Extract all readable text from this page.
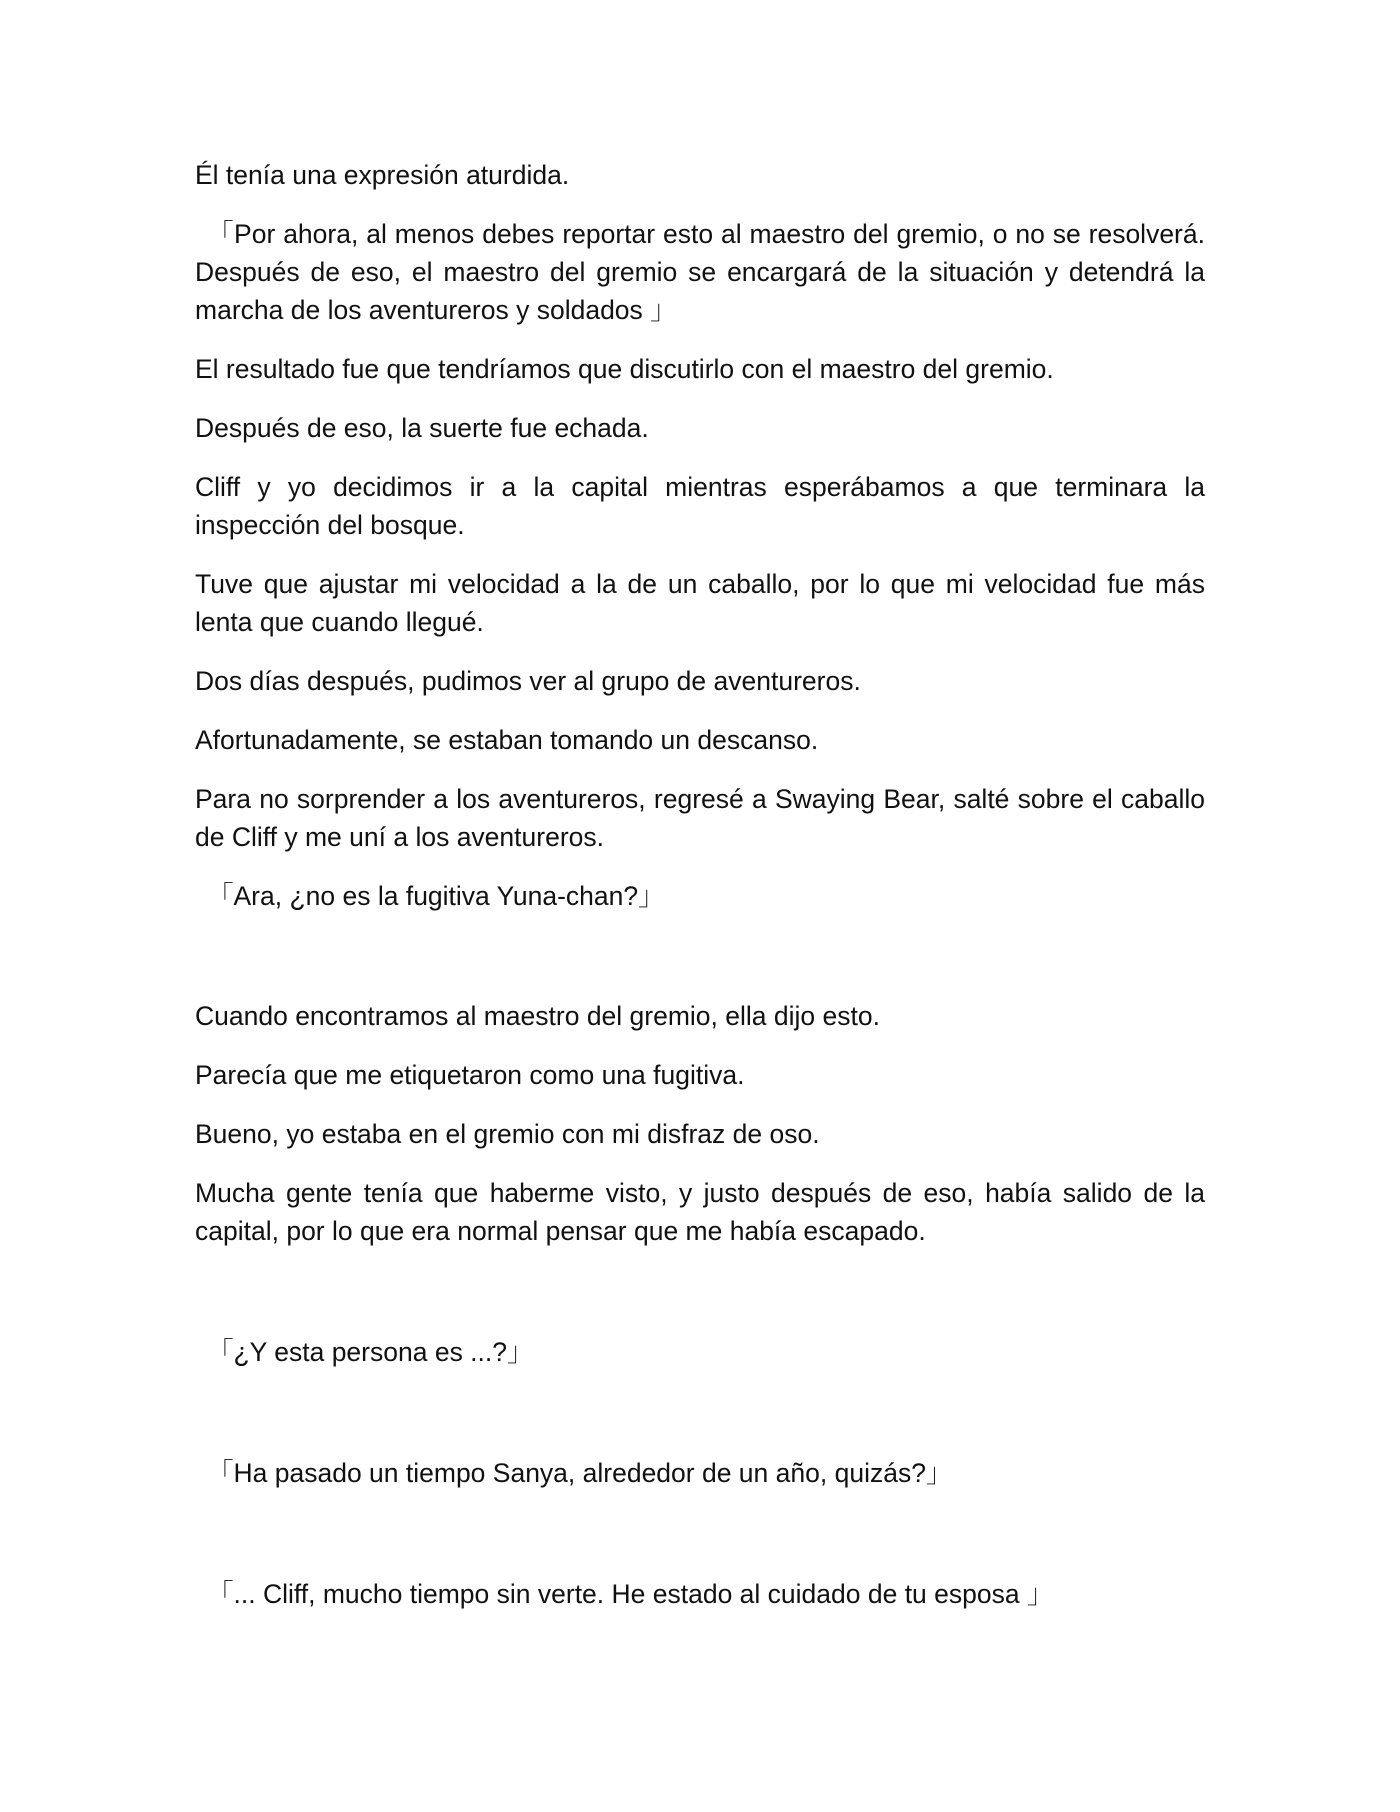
Él tenía una expresión aturdida.

「Por ahora, al menos debes reportar esto al maestro del gremio, o no se resolverá. Después de eso, el maestro del gremio se encargará de la situación y detendrá la marcha de los aventureros y soldados 」

El resultado fue que tendríamos que discutirlo con el maestro del gremio.

Después de eso, la suerte fue echada.

Cliff y yo decidimos ir a la capital mientras esperábamos a que terminara la inspección del bosque.

Tuve que ajustar mi velocidad a la de un caballo, por lo que mi velocidad fue más lenta que cuando llegué.

Dos días después, pudimos ver al grupo de aventureros.

Afortunadamente, se estaban tomando un descanso.

Para no sorprender a los aventureros, regresé a Swaying Bear, salté sobre el caballo de Cliff y me uní a los aventureros.

「Ara, ¿no es la fugitiva Yuna-chan?」

Cuando encontramos al maestro del gremio, ella dijo esto.

Parecía que me etiquetaron como una fugitiva.

Bueno, yo estaba en el gremio con mi disfraz de oso.

Mucha gente tenía que haberme visto, y justo después de eso, había salido de la capital, por lo que era normal pensar que me había escapado.

「¿Y esta persona es ...?」

「Ha pasado un tiempo Sanya, alrededor de un año, quizás?」

「... Cliff, mucho tiempo sin verte. He estado al cuidado de tu esposa 」
